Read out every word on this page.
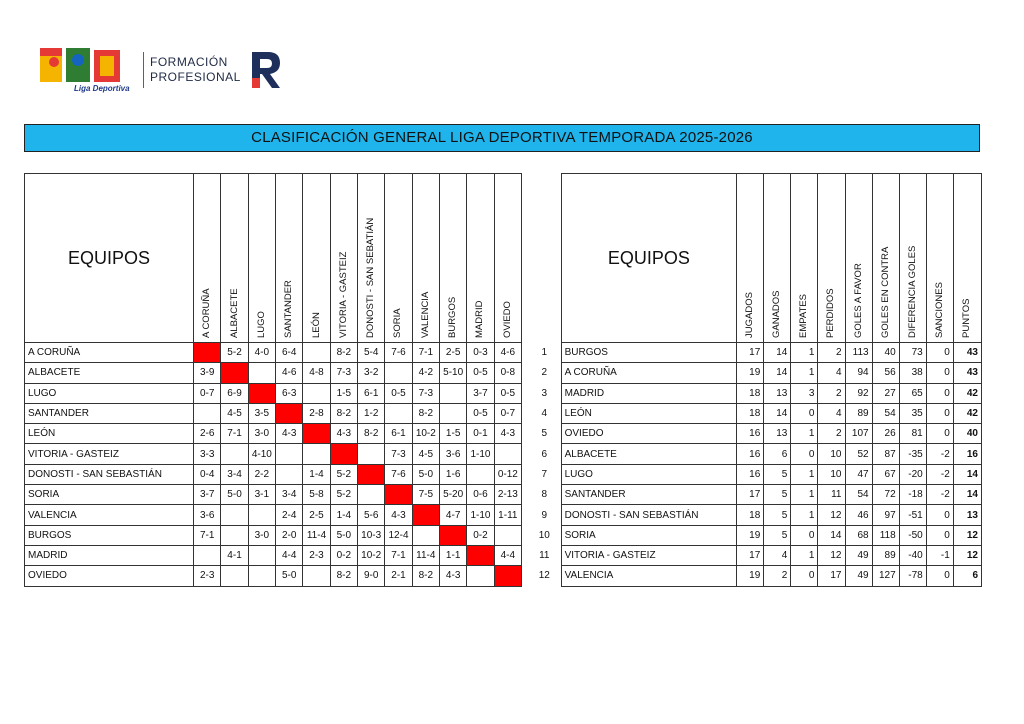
Liga Deportiva
FORMACIÓN
PROFESIONAL
CLASIFICACIÓN GENERAL LIGA DEPORTIVA TEMPORADA 2025-2026
EQUIPOS	A CORUÑA	ALBACETE	LUGO	SANTANDER	LEÓN	VITORIA - GASTEIZ	DONOSTI - SAN SEBATIÁN	SORIA	VALENCIA	BURGOS	MADRID	OVIEDO

A CORUÑA		5-2	4-0	6-4		8-2	5-4	7-6	7-1	2-5	0-3	4-6
ALBACETE	3-9			4-6	4-8	7-3	3-2		4-2	5-10	0-5	0-8
LUGO	0-7	6-9		6-3		1-5	6-1	0-5	7-3		3-7	0-5
SANTANDER		4-5	3-5		2-8	8-2	1-2		8-2		0-5	0-7
LEÓN	2-6	7-1	3-0	4-3		4-3	8-2	6-1	10-2	1-5	0-1	4-3
VITORIA - GASTEIZ	3-3		4-10					7-3	4-5	3-6	1-10	
DONOSTI - SAN SEBASTIÁN	0-4	3-4	2-2		1-4	5-2		7-6	5-0	1-6		0-12
SORIA	3-7	5-0	3-1	3-4	5-8	5-2			7-5	5-20	0-6	2-13
VALENCIA	3-6			2-4	2-5	1-4	5-6	4-3		4-7	1-10	1-11
BURGOS	7-1		3-0	2-0	11-4	5-0	10-3	12-4			0-2	
MADRID		4-1		4-4	2-3	0-2	10-2	7-1	11-4	1-1		4-4
OVIEDO	2-3			5-0		8-2	9-0	2-1	8-2	4-3		
	EQUIPOS	JUGADOS	GANADOS	EMPATES	PERDIDOS	GOLES A FAVOR	GOLES EN CONTRA	DIFERENCIA GOLES	SANCIONES	PUNTOS

1	BURGOS	17	14	1	2	113	40	73	0	43
2	A CORUÑA	19	14	1	4	94	56	38	0	43
3	MADRID	18	13	3	2	92	27	65	0	42
4	LEÓN	18	14	0	4	89	54	35	0	42
5	OVIEDO	16	13	1	2	107	26	81	0	40
6	ALBACETE	16	6	0	10	52	87	-35	-2	16
7	LUGO	16	5	1	10	47	67	-20	-2	14
8	SANTANDER	17	5	1	11	54	72	-18	-2	14
9	DONOSTI - SAN SEBASTIÁN	18	5	1	12	46	97	-51	0	13
10	SORIA	19	5	0	14	68	118	-50	0	12
11	VITORIA - GASTEIZ	17	4	1	12	49	89	-40	-1	12
12	VALENCIA	19	2	0	17	49	127	-78	0	6
